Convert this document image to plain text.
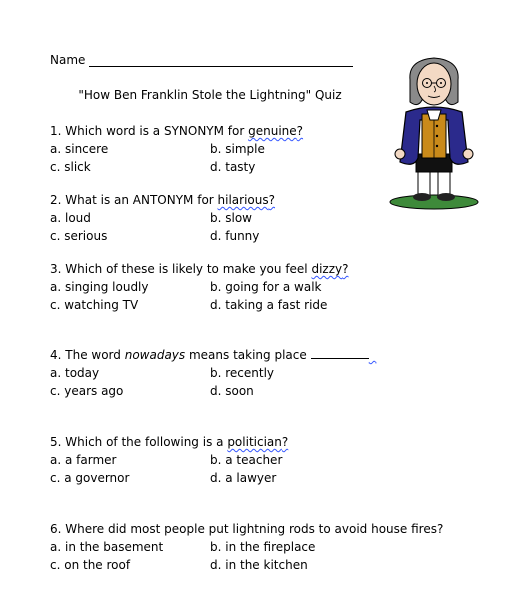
Name
"How Ben Franklin Stole the Lightning" Quiz
1. Which word is a SYNONYM for genuine?
a. sincere	b. simple
c. slick	d. tasty
2. What is an ANTONYM for hilarious?
a. loud	b. slow
c. serious	d. funny
3. Which of these is likely to make you feel dizzy?
a. singing loudly	b. going for a walk
c. watching TV	d. taking a fast ride
4. The word nowadays means taking place
a. today	b. recently
c. years ago	d. soon
5. Which of the following is a politician?
a. a farmer	b. a teacher
c. a governor	d. a lawyer
6. Where did most people put lightning rods to avoid house fires?
a. in the basement	b. in the fireplace
c. on the roof	d. in the kitchen
